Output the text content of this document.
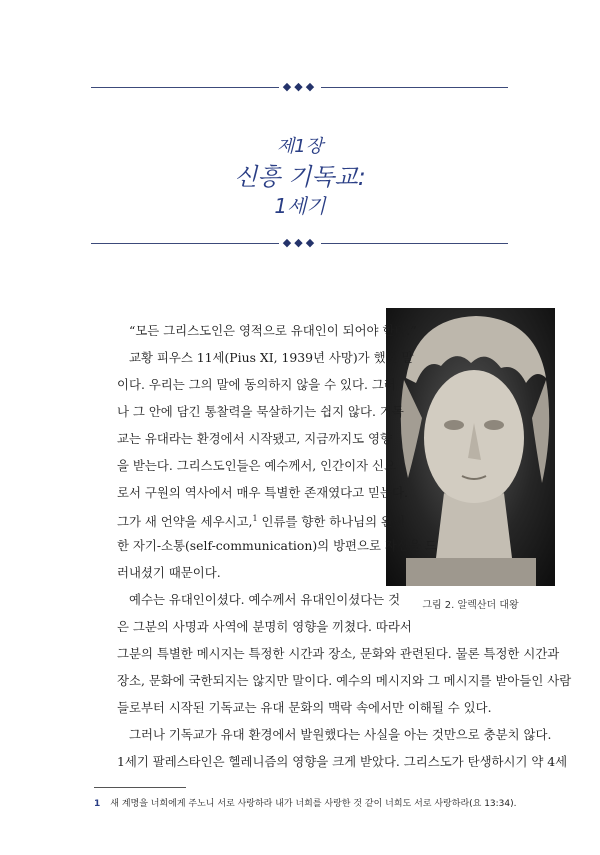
◆◆◆
제1장
신흥 기독교:
1세기
◆◆◆
그림 2. 알렉산더 대왕
“모든 그리스도인은 영적으로 유대인이 되어야 한다.”
교황 피우스 11세(Pius XI, 1939년 사망)가 했던 말
이다. 우리는 그의 말에 동의하지 않을 수 있다. 그러
나 그 안에 담긴 통찰력을 묵살하기는 쉽지 않다. 기독
교는 유대라는 환경에서 시작됐고, 지금까지도 영향
을 받는다. 그리스도인들은 예수께서, 인간이자 신으
로서 구원의 역사에서 매우 특별한 존재였다고 믿는다.
그가 새 언약을 세우시고,$^1$ 인류를 향한 하나님의 완전
한 자기-소통(self-communication)의 방편으로 자신을 드
러내셨기 때문이다.
예수는 유대인이셨다. 예수께서 유대인이셨다는 것
은 그분의 사명과 사역에 분명히 영향을 끼쳤다. 따라서
그분의 특별한 메시지는 특정한 시간과 장소, 문화와 관련된다. 물론 특정한 시간과
장소, 문화에 국한되지는 않지만 말이다. 예수의 메시지와 그 메시지를 받아들인 사람
들로부터 시작된 기독교는 유대 문화의 맥락 속에서만 이해될 수 있다.
그러나 기독교가 유대 환경에서 발원했다는 사실을 아는 것만으로 충분치 않다.
1세기 팔레스타인은 헬레니즘의 영향을 크게 받았다. 그리스도가 탄생하시기 약 4세
1 새 계명을 너희에게 주노니 서로 사랑하라 내가 너희를 사랑한 것 같이 너희도 서로 사랑하라(요 13:34).
